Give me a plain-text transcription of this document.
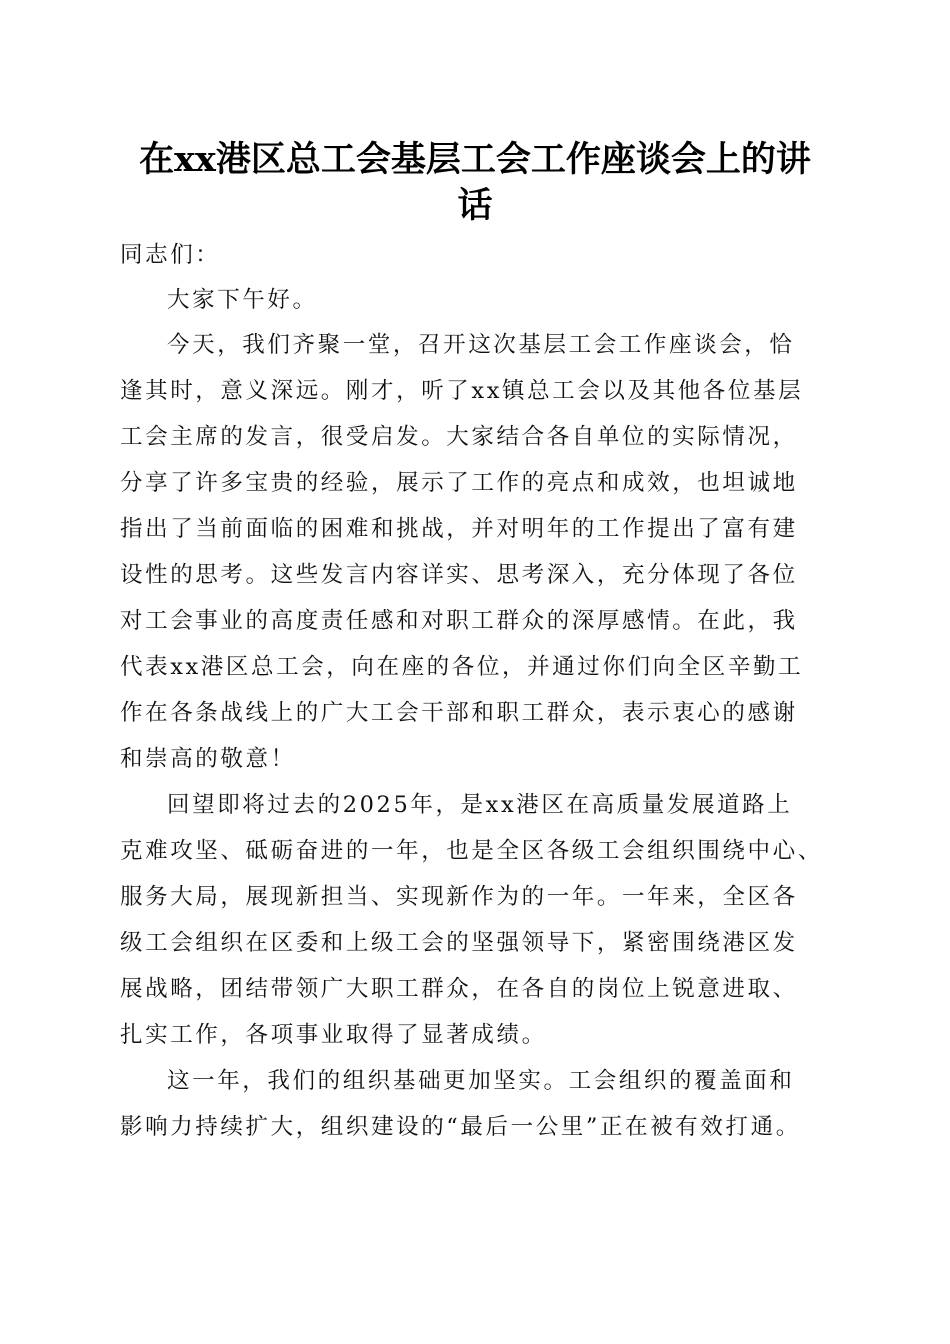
在xx港区总工会基层工会工作座谈会上的讲
话
同志们：
大家下午好。
今天，我们齐聚一堂，召开这次基层工会工作座谈会，恰
逢其时，意义深远。刚才，听了xx镇总工会以及其他各位基层
工会主席的发言，很受启发。大家结合各自单位的实际情况，
分享了许多宝贵的经验，展示了工作的亮点和成效，也坦诚地
指出了当前面临的困难和挑战，并对明年的工作提出了富有建
设性的思考。这些发言内容详实、思考深入，充分体现了各位
对工会事业的高度责任感和对职工群众的深厚感情。在此，我
代表xx港区总工会，向在座的各位，并通过你们向全区辛勤工
作在各条战线上的广大工会干部和职工群众，表示衷心的感谢
和崇高的敬意！
回望即将过去的2025年，是xx港区在高质量发展道路上
克难攻坚、砥砺奋进的一年，也是全区各级工会组织围绕中心、
服务大局，展现新担当、实现新作为的一年。一年来，全区各
级工会组织在区委和上级工会的坚强领导下，紧密围绕港区发
展战略，团结带领广大职工群众，在各自的岗位上锐意进取、
扎实工作，各项事业取得了显著成绩。
这一年，我们的组织基础更加坚实。工会组织的覆盖面和
影响力持续扩大，组织建设的“最后一公里”正在被有效打通。
